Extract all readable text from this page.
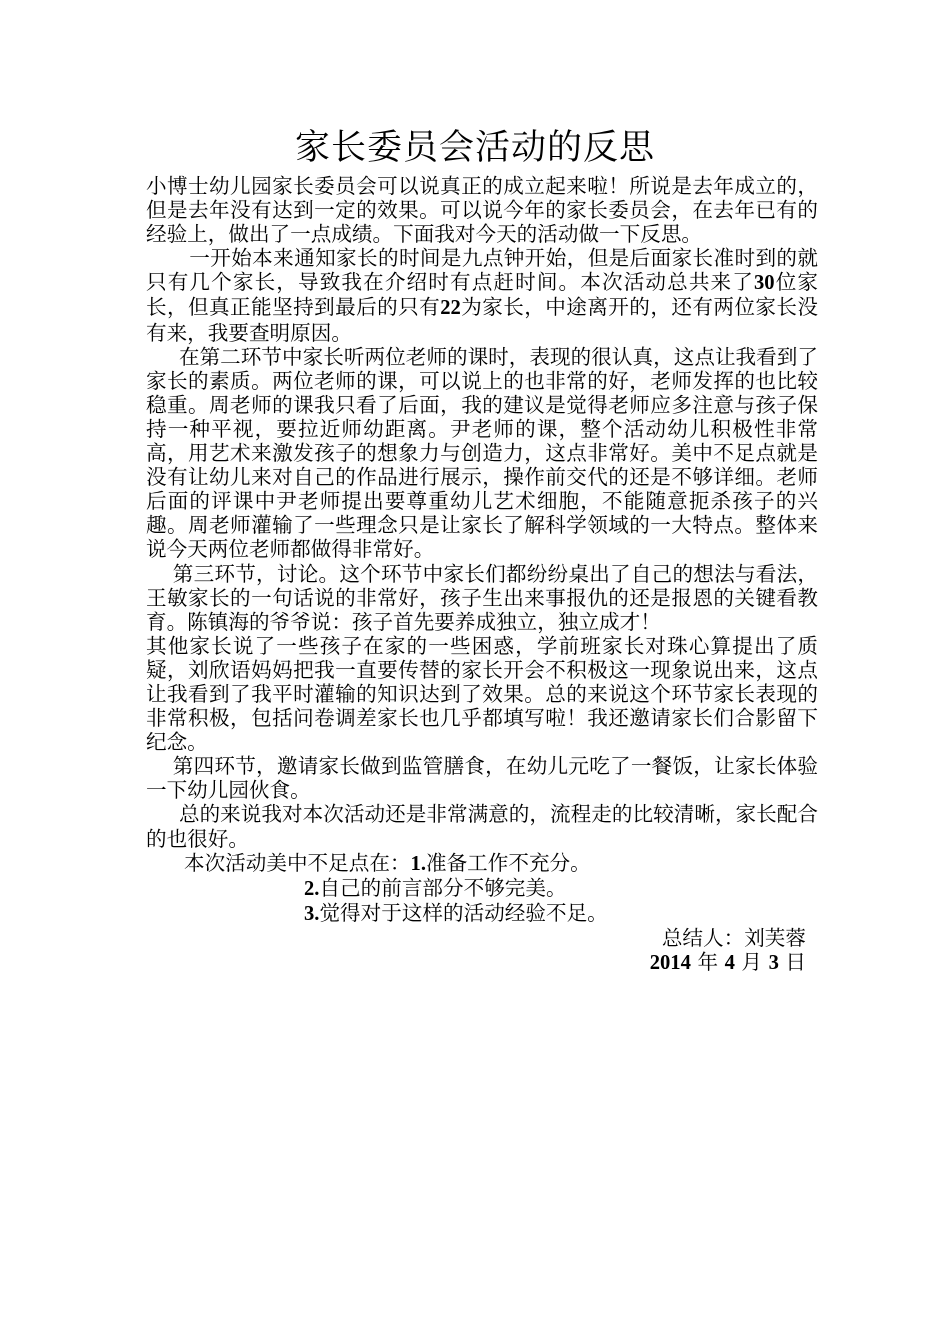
家长委员会活动的反思

小博士幼儿园家长委员会可以说真正的成立起来啦！所说是去年成立的，但是去年没有达到一定的效果。可以说今年的家长委员会，在去年已有的经验上，做出了一点成绩。下面我对今天的活动做一下反思。

一开始本来通知家长的时间是九点钟开始，但是后面家长准时到的就只有几个家长，导致我在介绍时有点赶时间。本次活动总共来了30位家长，但真正能坚持到最后的只有22为家长，中途离开的，还有两位家长没有来，我要查明原因。

在第二环节中家长听两位老师的课时，表现的很认真，这点让我看到了家长的素质。两位老师的课，可以说上的也非常的好，老师发挥的也比较稳重。周老师的课我只看了后面，我的建议是觉得老师应多注意与孩子保持一种平视，要拉近师幼距离。尹老师的课，整个活动幼儿积极性非常高，用艺术来激发孩子的想象力与创造力，这点非常好。美中不足点就是没有让幼儿来对自己的作品进行展示，操作前交代的还是不够详细。老师后面的评课中尹老师提出要尊重幼儿艺术细胞，不能随意扼杀孩子的兴趣。周老师灌输了一些理念只是让家长了解科学领域的一大特点。整体来说今天两位老师都做得非常好。

第三环节，讨论。这个环节中家长们都纷纷桌出了自己的想法与看法，王敏家长的一句话说的非常好，孩子生出来事报仇的还是报恩的关键看教育。陈镇海的爷爷说：孩子首先要养成独立，独立成才！

其他家长说了一些孩子在家的一些困惑，学前班家长对珠心算提出了质疑，刘欣语妈妈把我一直要传替的家长开会不积极这一现象说出来，这点让我看到了我平时灌输的知识达到了效果。总的来说这个环节家长表现的非常积极，包括问卷调差家长也几乎都填写啦！我还邀请家长们合影留下纪念。

第四环节，邀请家长做到监管膳食，在幼儿元吃了一餐饭，让家长体验一下幼儿园伙食。

总的来说我对本次活动还是非常满意的，流程走的比较清晰，家长配合的也很好。

本次活动美中不足点在：1.准备工作不充分。

2.自己的前言部分不够完美。

3.觉得对于这样的活动经验不足。

总结人：刘芙蓉

2014 年 4 月 3 日
